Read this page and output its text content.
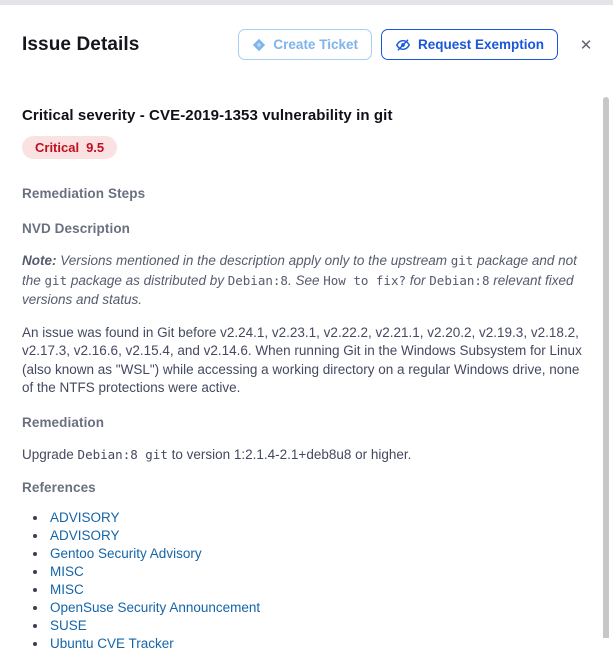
Issue Details	Create Ticket	Request Exemption	✕
Critical severity - CVE-2019-1353 vulnerability in git
Critical 9.5
Remediation Steps
NVD Description

Note: Versions mentioned in the description apply only to the upstream git package and not the git package as distributed by Debian:8. See How to fix? for Debian:8 relevant fixed versions and status.

An issue was found in Git before v2.24.1, v2.23.1, v2.22.2, v2.21.1, v2.20.2, v2.19.3, v2.18.2, v2.17.3, v2.16.6, v2.15.4, and v2.14.6. When running Git in the Windows Subsystem for Linux (also known as "WSL") while accessing a working directory on a regular Windows drive, none of the NTFS protections were active.

Remediation

Upgrade Debian:8 git to version 1:2.1.4-2.1+deb8u8 or higher.

References
• ADVISORY
• ADVISORY
• Gentoo Security Advisory
• MISC
• MISC
• OpenSuse Security Announcement
• SUSE
• Ubuntu CVE Tracker
